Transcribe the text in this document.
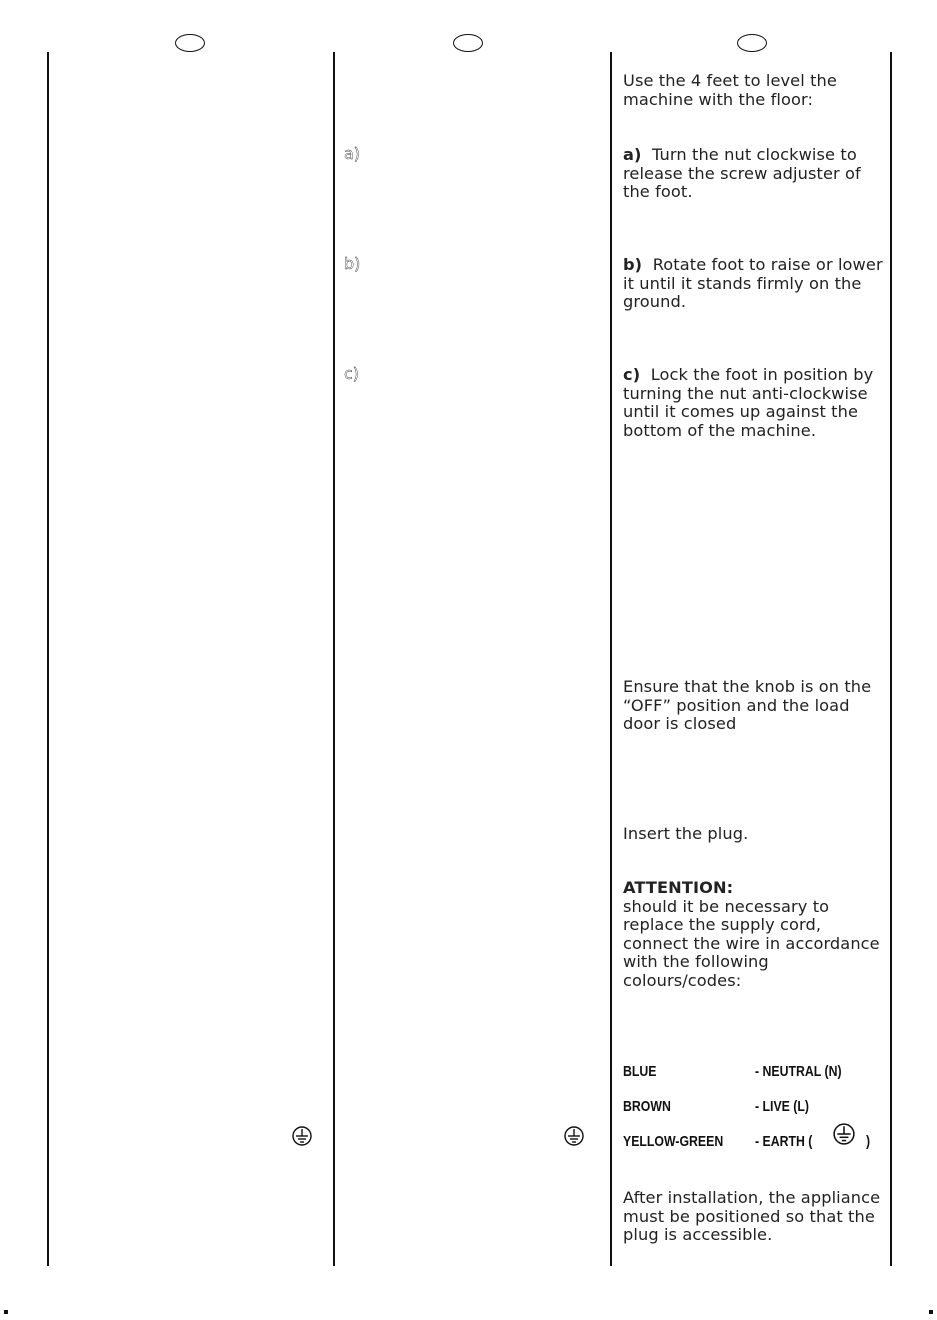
a)
b)
c)
Use the 4 feet to level the machine with the floor:
a) Turn the nut clockwise to release the screw adjuster of the foot.
b) Rotate foot to raise or lower it until it stands firmly on the ground.
c) Lock the foot in position by turning the nut anti-clockwise until it comes up against the bottom of the machine.
Ensure that the knob is on the “OFF” position and the load door is closed
Insert the plug.
ATTENTION:
should it be necessary to replace the supply cord, connect the wire in accordance with the following colours/codes:
BLUE	- NEUTRAL (N)
BROWN	- LIVE (L)
YELLOW-GREEN - EARTH (	)
After installation, the appliance must be positioned so that the plug is accessible.
